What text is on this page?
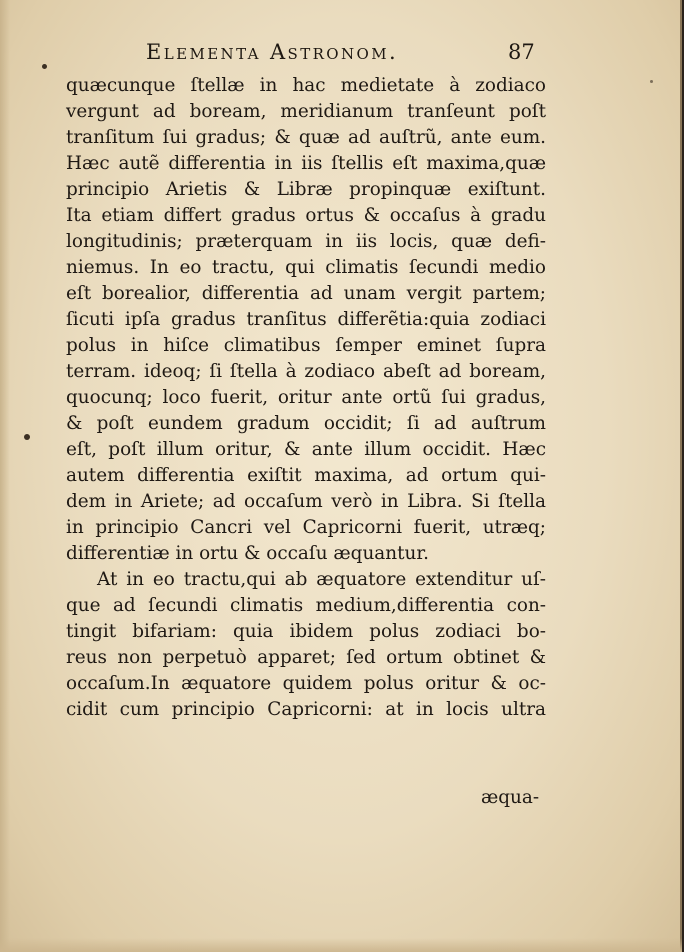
Elementa Astronom.	87
quæcunque ſtellæ in hac medietate à zodiaco
vergunt ad boream, meridianum tranſeunt poſt
tranſitum ſui gradus; & quæ ad auſtrũ, ante eum.
Hæc autẽ differentia in iis ſtellis eſt maxima,quæ
principio Arietis & Libræ propinquæ exiſtunt.
Ita etiam differt gradus ortus & occaſus à gradu
longitudinis; præterquam in iis locis, quæ defi-
niemus. In eo tractu, qui climatis ſecundi medio
eſt borealior, differentia ad unam vergit partem;
ſicuti ipſa gradus tranſitus differẽtia:quia zodiaci
polus in hiſce climatibus ſemper eminet ſupra
terram. ideoq; ſi ſtella à zodiaco abeſt ad boream,
quocunq; loco fuerit, oritur ante ortũ ſui gradus,
& poſt eundem gradum occidit; ſi ad auſtrum
eſt, poſt illum oritur, & ante illum occidit. Hæc
autem differentia exiſtit maxima, ad ortum qui-
dem in Ariete; ad occaſum verò in Libra. Si ſtella
in principio Cancri vel Capricorni fuerit, utræq;
differentiæ in ortu & occaſu æquantur.
At in eo tractu,qui ab æquatore extenditur uſ-
que ad ſecundi climatis medium,differentia con-
tingit bifariam: quia ibidem polus zodiaci bo-
reus non perpetuò apparet; ſed ortum obtinet &
occaſum.In æquatore quidem polus oritur & oc-
cidit cum principio Capricorni: at in locis ultra
æqua-
